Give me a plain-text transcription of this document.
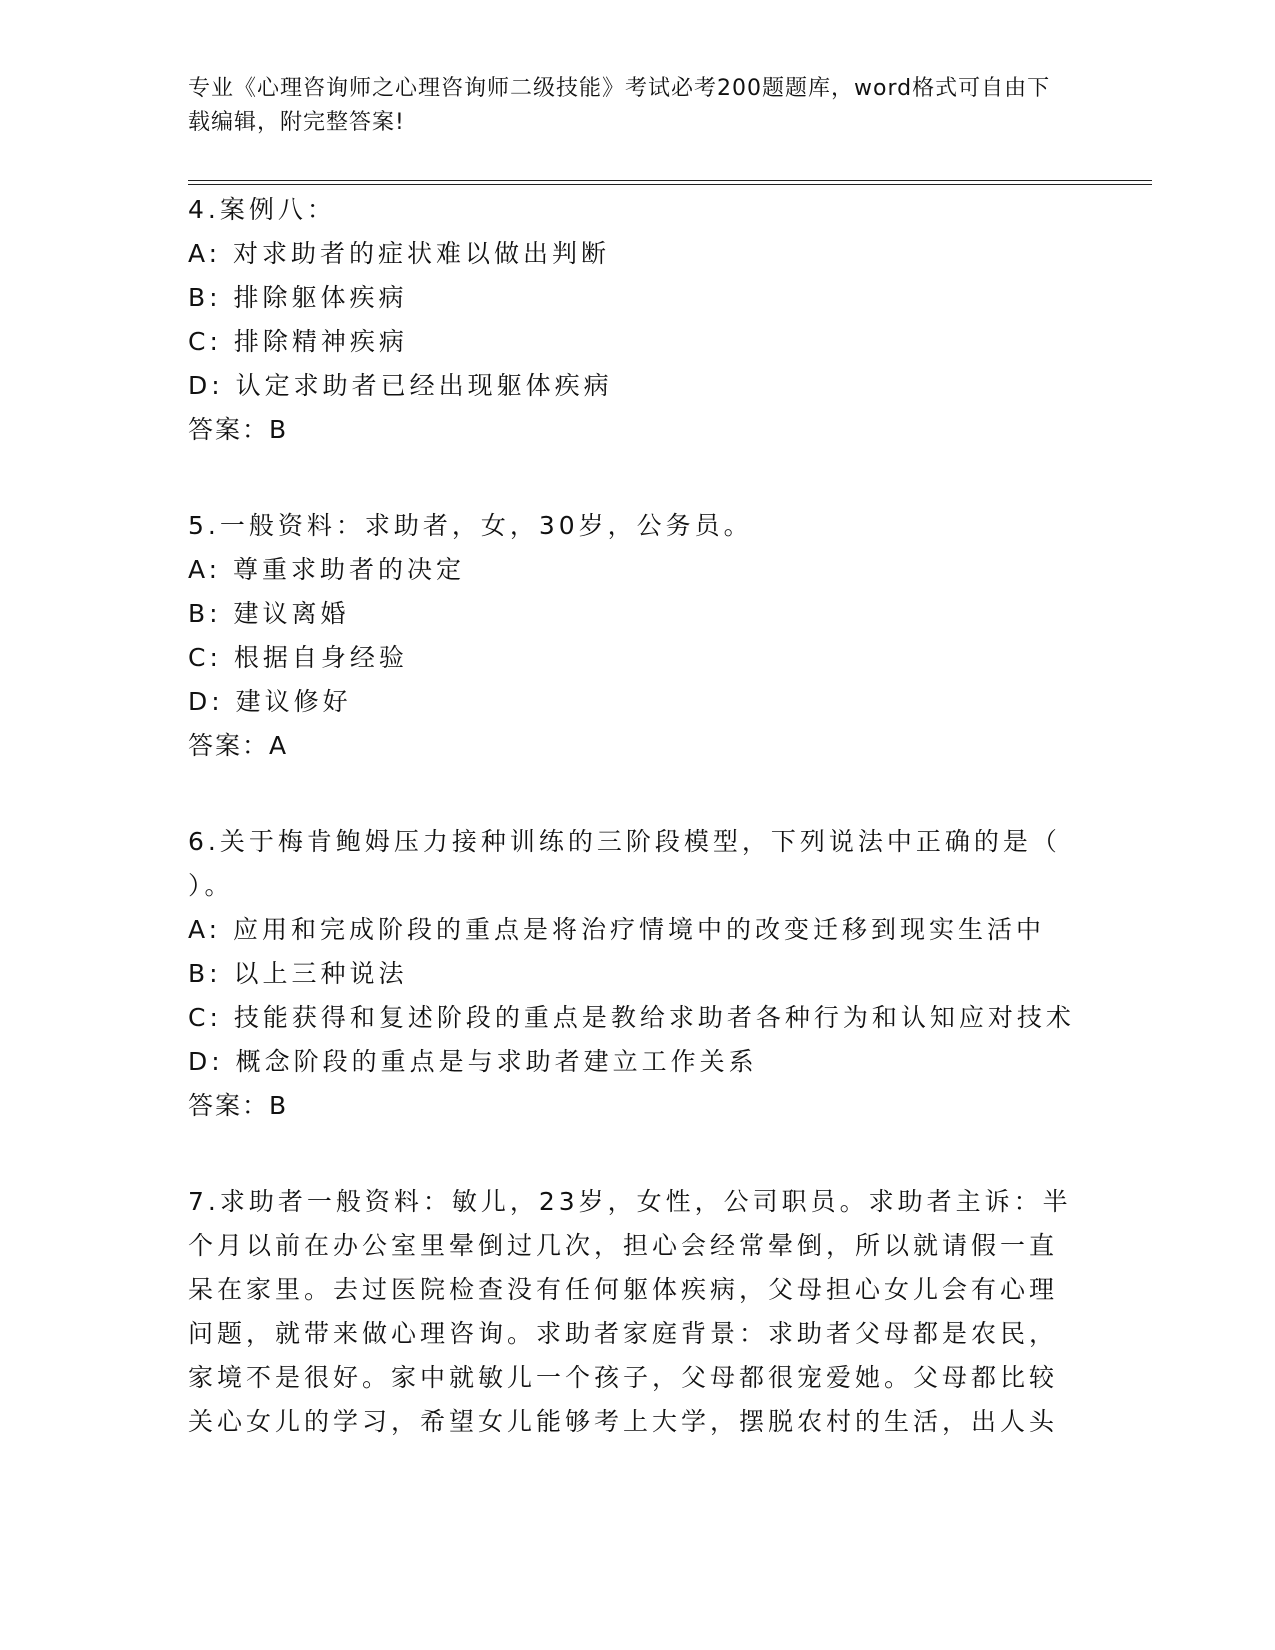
专业《心理咨询师之心理咨询师二级技能》考试必考200题题库，word格式可自由下载编辑，附完整答案!
4.案例八：
A: 对求助者的症状难以做出判断
B: 排除躯体疾病
C: 排除精神疾病
D: 认定求助者已经出现躯体疾病
答案：B
5.一般资料：求助者，女，30岁，公务员。
A: 尊重求助者的决定
B: 建议离婚
C: 根据自身经验
D: 建议修好
答案：A
6.关于梅肯鲍姆压力接种训练的三阶段模型，下列说法中正确的是（
）。
A: 应用和完成阶段的重点是将治疗情境中的改变迁移到现实生活中
B: 以上三种说法
C: 技能获得和复述阶段的重点是教给求助者各种行为和认知应对技术
D: 概念阶段的重点是与求助者建立工作关系
答案：B
7.求助者一般资料：敏儿，23岁，女性，公司职员。求助者主诉：半
个月以前在办公室里晕倒过几次，担心会经常晕倒，所以就请假一直
呆在家里。去过医院检查没有任何躯体疾病，父母担心女儿会有心理
问题，就带来做心理咨询。求助者家庭背景：求助者父母都是农民，
家境不是很好。家中就敏儿一个孩子，父母都很宠爱她。父母都比较
关心女儿的学习，希望女儿能够考上大学，摆脱农村的生活，出人头
